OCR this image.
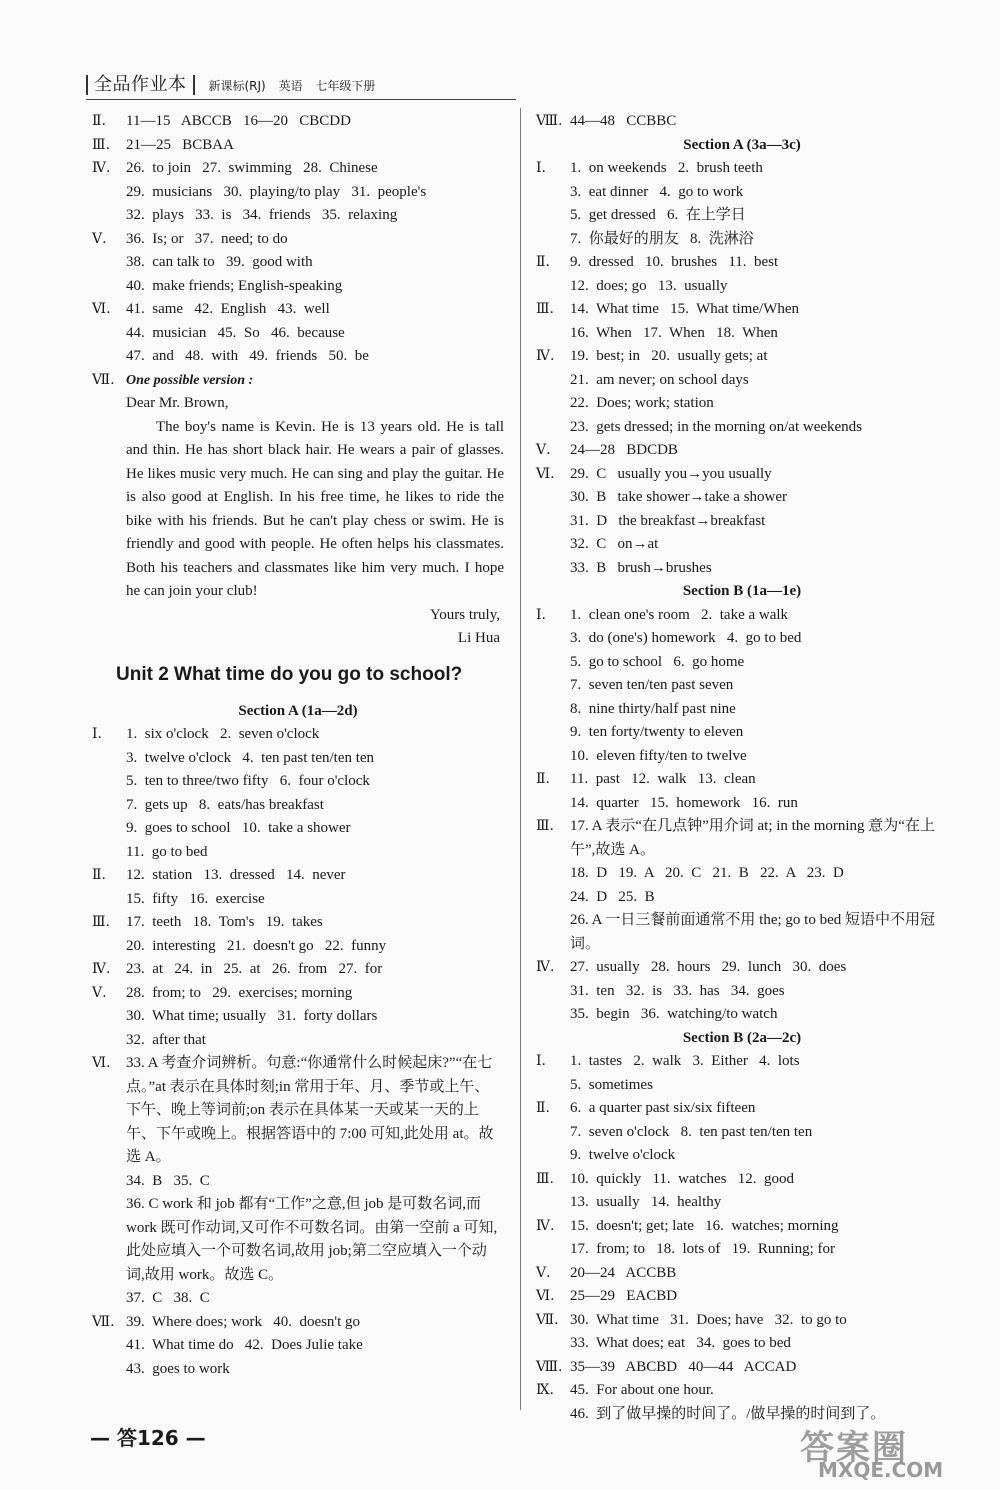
全品作业本	新课标(RJ) 英语 七年级下册
Ⅱ.	11—15   ABCCB   16—20   CBCDD
Ⅲ.	21—25   BCBAA
Ⅳ.	26.  to join   27.  swimming   28.  Chinese
29.  musicians   30.  playing/to play   31.  people's
32.  plays   33.  is   34.  friends   35.  relaxing
Ⅴ.	36.  Is; or   37.  need; to do
38.  can talk to   39.  good with
40.  make friends; English-speaking
Ⅵ.	41.  same   42.  English   43.  well
44.  musician   45.  So   46.  because
47.  and   48.  with   49.  friends   50.  be
Ⅶ. One possible version :
Dear Mr. Brown,

The boy's name is Kevin. He is 13 years old. He is tall and thin. He has short black hair. He wears a pair of glasses. He likes music very much. He can sing and play the guitar. He is also good at English. In his free time, he likes to ride the bike with his friends. But he can't play chess or swim. He is friendly and good with people. He often helps his classmates. Both his teachers and classmates like him very much. I hope he can join your club!

Yours truly,
Li Hua
Unit 2 What time do you go to school?
Section A (1a—2d)
Ⅰ.	1.  six o'clock   2.  seven o'clock
3.  twelve o'clock   4.  ten past ten/ten ten
5.  ten to three/two fifty   6.  four o'clock
7.  gets up   8.  eats/has breakfast
9.  goes to school   10.  take a shower
11.  go to bed
Ⅱ.	12.  station   13.  dressed   14.  never
15.  fifty   16.  exercise
Ⅲ.	17.  teeth   18.  Tom's   19.  takes
20.  interesting   21.  doesn't go   22.  funny
Ⅳ.	23.  at   24.  in   25.  at   26.  from   27.  for
Ⅴ.	28.  from; to   29.  exercises; morning
30.  What time; usually   31.  forty dollars
32.  after that
Ⅵ.	33. A 考查介词辨析。句意:“你通常什么时候起床?”“在七点。”at 表示在具体时刻;in 常用于年、月、季节或上午、下午、晚上等词前;on 表示在具体某一天或某一天的上午、下午或晚上。根据答语中的 7:00 可知,此处用 at。故选 A。
34.  B   35.  C
36. C work 和 job 都有“工作”之意,但 job 是可数名词,而 work 既可作动词,又可作不可数名词。由第一空前 a 可知,此处应填入一个可数名词,故用 job;第二空应填入一个动词,故用 work。故选 C。
37.  C   38.  C
Ⅶ. 39.  Where does; work   40.  doesn't go
41.  What time do   42.  Does Julie take
43.  goes to work
Ⅷ. 44—48   CCBBC
Section A (3a—3c)
Ⅰ.	1.  on weekends   2.  brush teeth
3.  eat dinner   4.  go to work
5.  get dressed   6.  在上学日
7.  你最好的朋友   8.  洗淋浴
Ⅱ.	9.  dressed   10.  brushes   11.  best
12.  does; go   13.  usually
Ⅲ.	14.  What time   15.  What time/When
16.  When   17.  When   18.  When
Ⅳ.	19.  best; in   20.  usually gets; at
21.  am never; on school days
22.  Does; work; station
23.  gets dressed; in the morning on/at weekends
Ⅴ.	24—28   BDCDB
Ⅵ.	29.  C   usually you→you usually
30.  B   take shower→take a shower
31.  D   the breakfast→breakfast
32.  C   on→at
33.  B   brush→brushes
Section B (1a—1e)
Ⅰ.	1.  clean one's room   2.  take a walk
3.  do (one's) homework   4.  go to bed
5.  go to school   6.  go home
7.  seven ten/ten past seven
8.  nine thirty/half past nine
9.  ten forty/twenty to eleven
10.  eleven fifty/ten to twelve
Ⅱ.	11.  past   12.  walk   13.  clean
14.  quarter   15.  homework   16.  run
Ⅲ.	17. A 表示“在几点钟”用介词 at; in the morning 意为“在上午”,故选 A。
18.  D   19.  A   20.  C   21.  B   22.  A   23.  D
24.  D   25.  B
26. A 一日三餐前面通常不用 the; go to bed 短语中不用冠词。
Ⅳ.	27.  usually   28.  hours   29.  lunch   30.  does
31.  ten   32.  is   33.  has   34.  goes
35.  begin   36.  watching/to watch
Section B (2a—2c)
Ⅰ.	1.  tastes   2.  walk   3.  Either   4.  lots
5.  sometimes
Ⅱ.	6.  a quarter past six/six fifteen
7.  seven o'clock   8.  ten past ten/ten ten
9.  twelve o'clock
Ⅲ.	10.  quickly   11.  watches   12.  good
13.  usually   14.  healthy
Ⅳ.	15.  doesn't; get; late   16.  watches; morning
17.  from; to   18.  lots of   19.  Running; for
Ⅴ.	20—24   ACCBB
Ⅵ.	25—29   EACBD
Ⅶ. 30.  What time   31.  Does; have   32.  to go to
33.  What does; eat   34.  goes to bed
Ⅷ. 35—39   ABCBD   40—44   ACCAD
Ⅸ.	45.  For about one hour.
46.  到了做早操的时间了。/做早操的时间到了。
— 答126 —	答案圈
MXQE.COM
